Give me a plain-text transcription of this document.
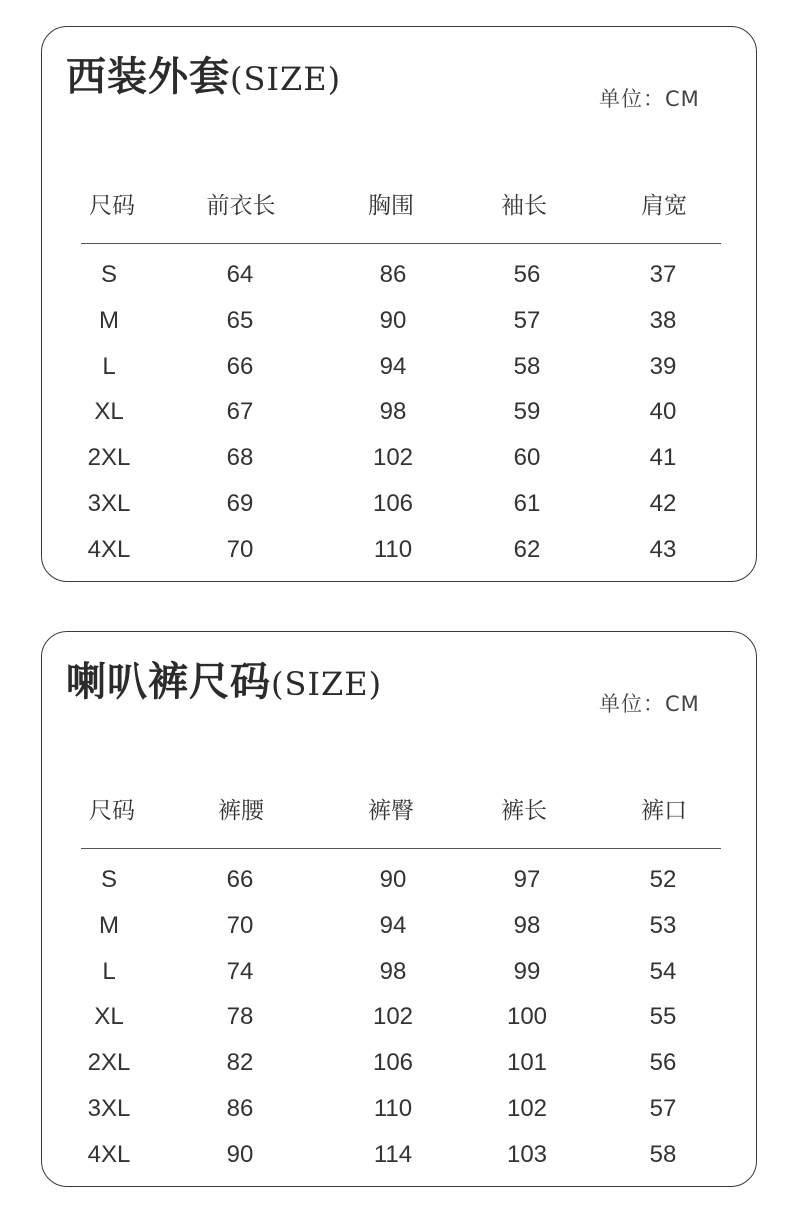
西装外套(SIZE)
单位：CM
尺码	前衣长	胸围	袖长	肩宽
S	64	86	56	37
M	65	90	57	38
L	66	94	58	39
XL	67	98	59	40
2XL	68	102	60	41
3XL	69	106	61	42
4XL	70	110	62	43
喇叭裤尺码(SIZE)
单位：CM
尺码	裤腰	裤臀	裤长	裤口
S	66	90	97	52
M	70	94	98	53
L	74	98	99	54
XL	78	102	100	55
2XL	82	106	101	56
3XL	86	110	102	57
4XL	90	114	103	58
